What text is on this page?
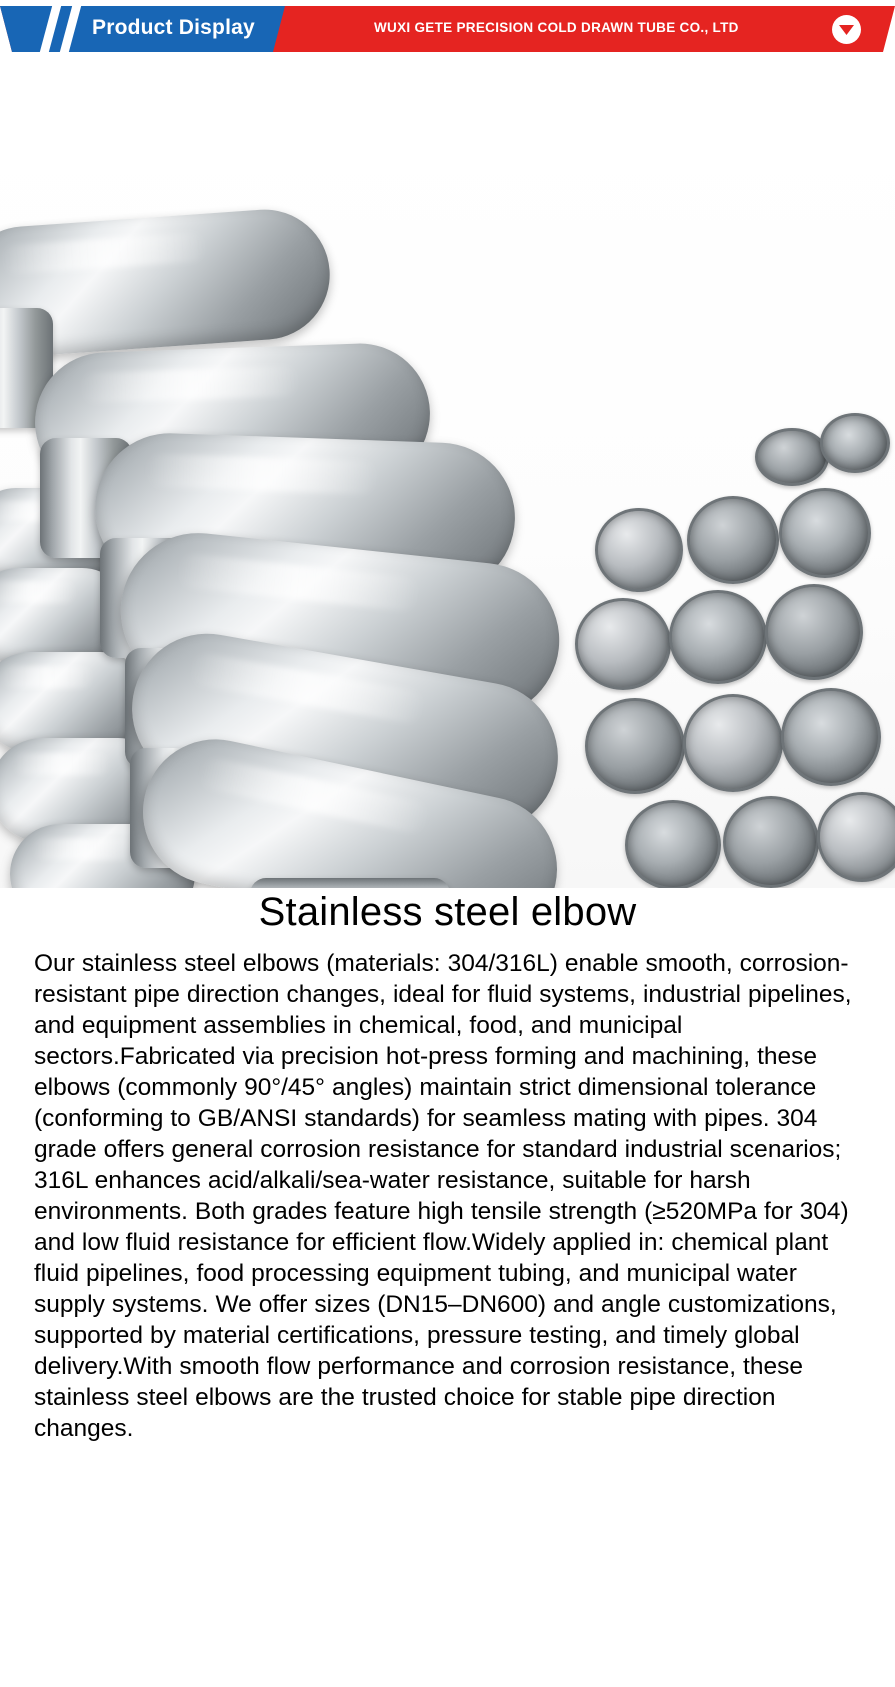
Product Display	WUXI GETE PRECISION COLD DRAWN TUBE CO., LTD
Stainless steel elbow

Our stainless steel elbows (materials: 304/316L) enable smooth, corrosion-resistant pipe direction changes, ideal for fluid systems, industrial pipelines, and equipment assemblies in chemical, food, and municipal sectors.Fabricated via precision hot-press forming and machining, these elbows (commonly 90°/45° angles) maintain strict dimensional tolerance (conforming to GB/ANSI standards) for seamless mating with pipes. 304 grade offers general corrosion resistance for standard industrial scenarios; 316L enhances acid/alkali/sea-water resistance, suitable for harsh environments. Both grades feature high tensile strength (≥520MPa for 304) and low fluid resistance for efficient flow.Widely applied in: chemical plant fluid pipelines, food processing equipment tubing, and municipal water supply systems. We offer sizes (DN15–DN600) and angle customizations, supported by material certifications, pressure testing, and timely global delivery.With smooth flow performance and corrosion resistance, these stainless steel elbows are the trusted choice for stable pipe direction changes.
